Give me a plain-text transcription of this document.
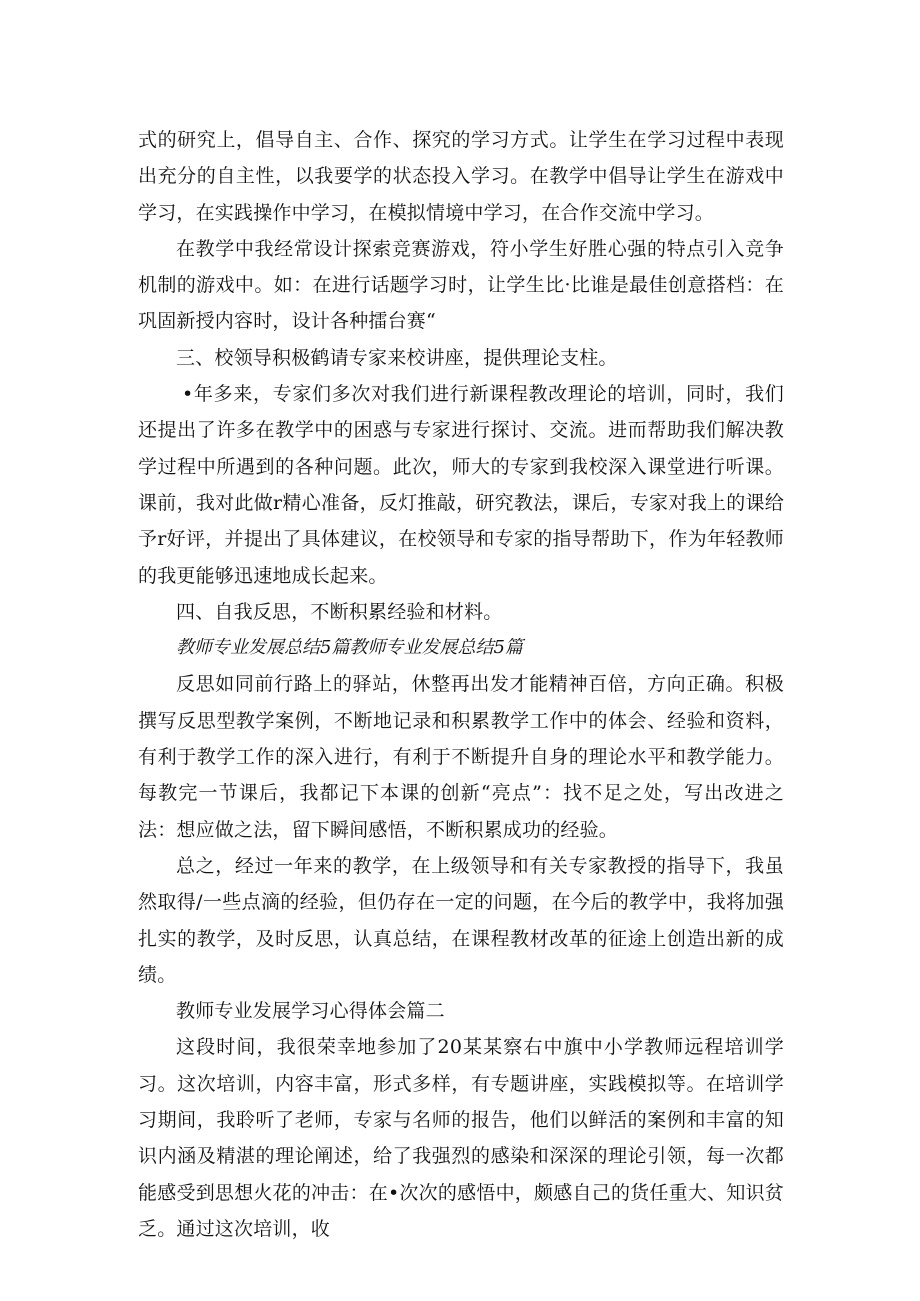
式的研究上，倡导自主、合作、探究的学习方式。让学生在学习过程中表现出充分的自主性，以我要学的状态投入学习。在教学中倡导让学生在游戏中学习，在实践操作中学习，在模拟情境中学习，在合作交流中学习。

在教学中我经常设计探索竞赛游戏，符小学生好胜心强的特点引入竞争机制的游戏中。如：在进行话题学习时，让学生比·比谁是最佳创意搭档：在巩固新授内容时，设计各种擂台赛“

三、校领导积极鹤请专家来校讲座，提供理论支柱。

•年多来，专家们多次对我们进行新课程教改理论的培训，同时，我们还提出了许多在教学中的困惑与专家进行探讨、交流。进而帮助我们解决教学过程中所遇到的各种问题。此次，师大的专家到我校深入课堂进行听课。课前，我对此做r精心准备，反灯推敲，研究教法，课后，专家对我上的课给予r好评，并提出了具体建议，在校领导和专家的指导帮助下，作为年轻教师的我更能够迅速地成长起来。

四、自我反思，不断积累经验和材料。

教师专业发展总结5篇教师专业发展总结5篇

反思如同前行路上的驿站，休整再出发才能精神百倍，方向正确。积极撰写反思型教学案例，不断地记录和积累教学工作中的体会、经验和资料，有利于教学工作的深入进行，有利于不断提升自身的理论水平和教学能力。每教完一节课后，我都记下本课的创新“亮点”：找不足之处，写出改进之法：想应做之法，留下瞬间感悟，不断积累成功的经验。

总之，经过一年来的教学，在上级领导和有关专家教授的指导下，我虽然取得/一些点滴的经验，但仍存在一定的问题，在今后的教学中，我将加强扎实的教学，及时反思，认真总结，在课程教材改革的征途上创造出新的成绩。

教师专业发展学习心得体会篇二

这段时间，我很荣幸地参加了20某某察右中旗中小学教师远程培训学习。这次培训，内容丰富，形式多样，有专题讲座，实践模拟等。在培训学习期间，我聆听了老师，专家与名师的报告，他们以鲜活的案例和丰富的知识内涵及精湛的理论阐述，给了我强烈的感染和深深的理论引领，每一次都能感受到思想火花的冲击：在•次次的感悟中，颇感自己的货任重大、知识贫乏。通过这次培训，收
